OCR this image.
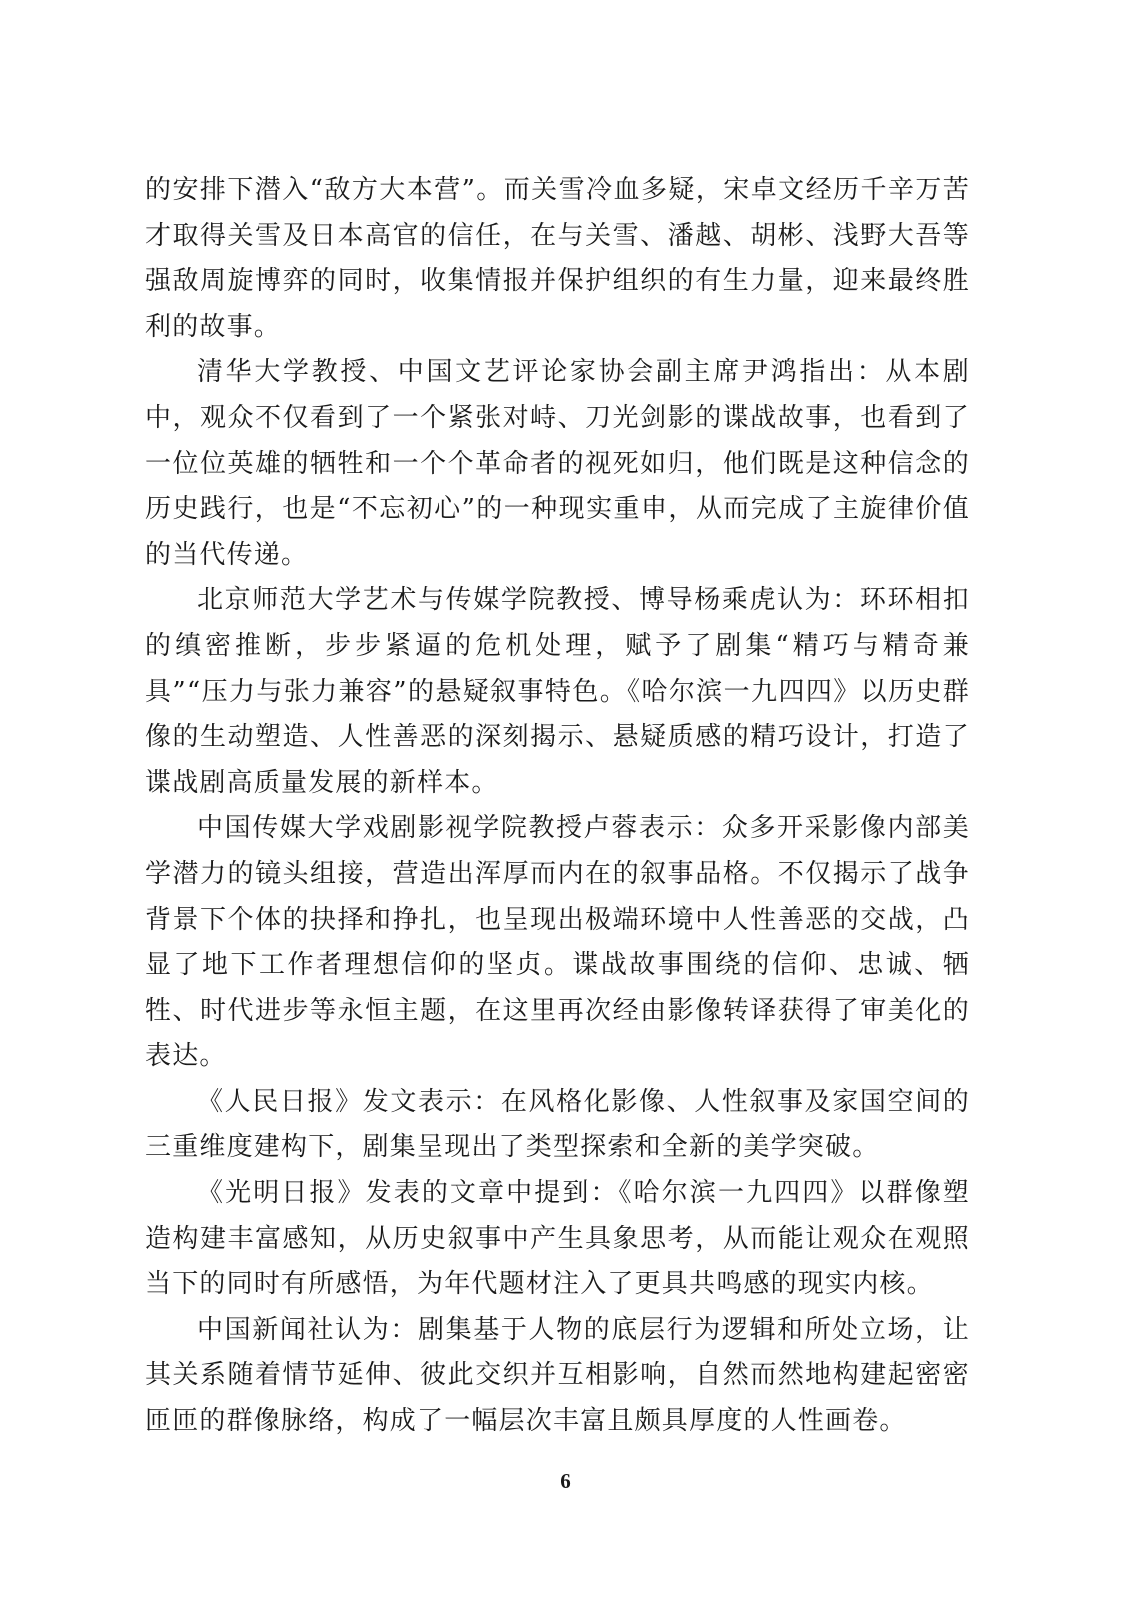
的安排下潜入“敌方大本营”。而关雪冷血多疑，宋卓文经历千辛万苦才取得关雪及日本高官的信任，在与关雪、潘越、胡彬、浅野大吾等强敌周旋博弈的同时，收集情报并保护组织的有生力量，迎来最终胜利的故事。

清华大学教授、中国文艺评论家协会副主席尹鸿指出：从本剧中，观众不仅看到了一个紧张对峙、刀光剑影的谍战故事，也看到了一位位英雄的牺牲和一个个革命者的视死如归，他们既是这种信念的历史践行，也是“不忘初心”的一种现实重申，从而完成了主旋律价值的当代传递。

北京师范大学艺术与传媒学院教授、博导杨乘虎认为：环环相扣的缜密推断，步步紧逼的危机处理，赋予了剧集“精巧与精奇兼具”“压力与张力兼容”的悬疑叙事特色。《哈尔滨一九四四》以历史群像的生动塑造、人性善恶的深刻揭示、悬疑质感的精巧设计，打造了谍战剧高质量发展的新样本。

中国传媒大学戏剧影视学院教授卢蓉表示：众多开采影像内部美学潜力的镜头组接，营造出浑厚而内在的叙事品格。不仅揭示了战争背景下个体的抉择和挣扎，也呈现出极端环境中人性善恶的交战，凸显了地下工作者理想信仰的坚贞。谍战故事围绕的信仰、忠诚、牺牲、时代进步等永恒主题，在这里再次经由影像转译获得了审美化的表达。

《人民日报》发文表示：在风格化影像、人性叙事及家国空间的三重维度建构下，剧集呈现出了类型探索和全新的美学突破。

《光明日报》发表的文章中提到：《哈尔滨一九四四》以群像塑造构建丰富感知，从历史叙事中产生具象思考，从而能让观众在观照当下的同时有所感悟，为年代题材注入了更具共鸣感的现实内核。

中国新闻社认为：剧集基于人物的底层行为逻辑和所处立场，让其关系随着情节延伸、彼此交织并互相影响，自然而然地构建起密密匝匝的群像脉络，构成了一幅层次丰富且颇具厚度的人性画卷。

6
